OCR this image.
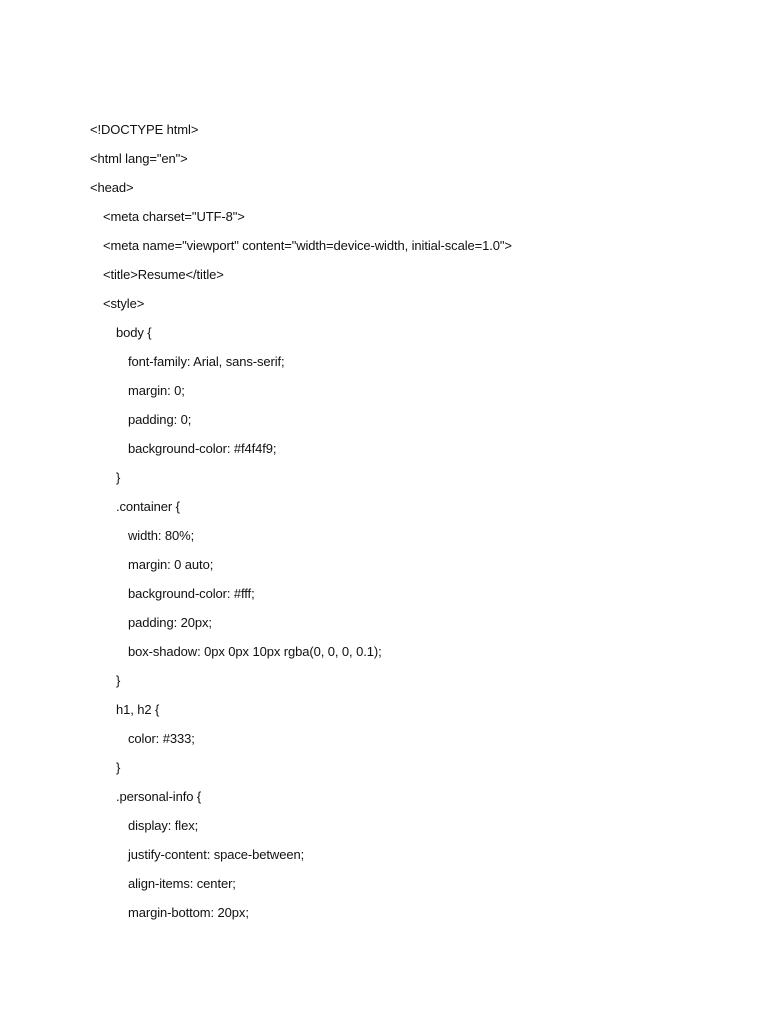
<!DOCTYPE html>
<html lang="en">
<head>
<meta charset="UTF-8">
<meta name="viewport" content="width=device-width, initial-scale=1.0">
<title>Resume</title>
<style>
body {
font-family: Arial, sans-serif;
margin: 0;
padding: 0;
background-color: #f4f4f9;
}
.container {
width: 80%;
margin: 0 auto;
background-color: #fff;
padding: 20px;
box-shadow: 0px 0px 10px rgba(0, 0, 0, 0.1);
}
h1, h2 {
color: #333;
}
.personal-info {
display: flex;
justify-content: space-between;
align-items: center;
margin-bottom: 20px;
